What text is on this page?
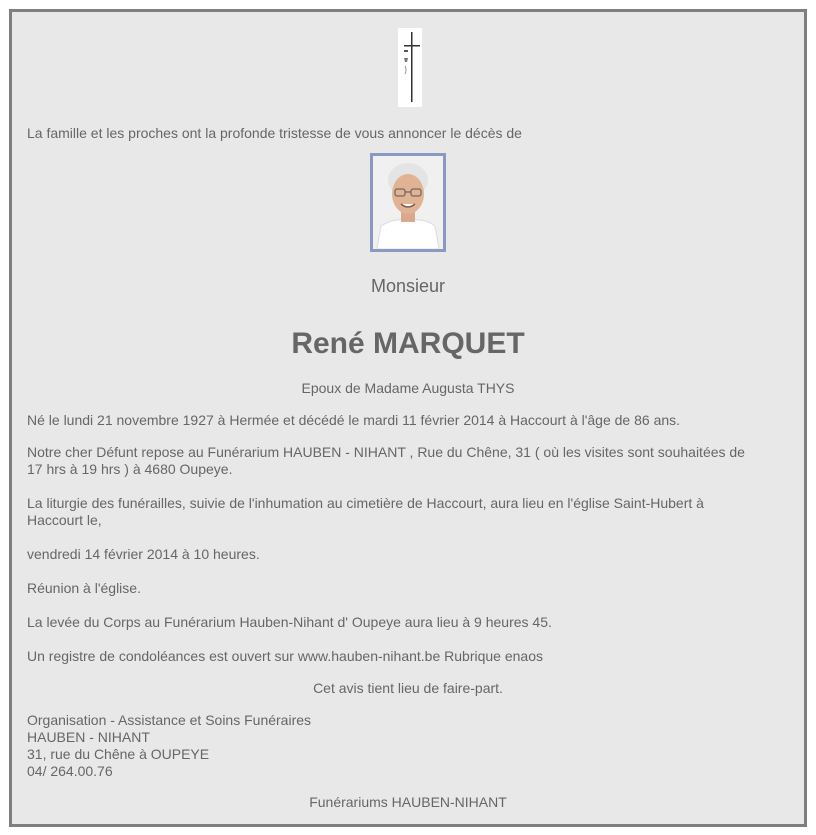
La famille et les proches ont la profonde tristesse de vous annoncer le décès de

Monsieur
René MARQUET

Epoux de Madame Augusta THYS

Né le lundi 21 novembre 1927 à Hermée et décédé le mardi 11 février 2014 à Haccourt à l'âge de 86 ans.

Notre cher Défunt repose au Funérarium HAUBEN - NIHANT , Rue du Chêne, 31 ( où les visites sont souhaitées de

17 hrs à 19 hrs ) à 4680 Oupeye.

La liturgie des funérailles, suivie de l'inhumation au cimetière de Haccourt, aura lieu en l'église Saint-Hubert à

Haccourt le,

vendredi 14 février 2014 à 10 heures.

Réunion à l'église.

La levée du Corps au Funérarium Hauben-Nihant d' Oupeye aura lieu à 9 heures 45.

Un registre de condoléances est ouvert sur www.hauben-nihant.be Rubrique enaos

Cet avis tient lieu de faire-part.

Organisation - Assistance et Soins Funéraires

HAUBEN - NIHANT

31, rue du Chêne à OUPEYE

04/ 264.00.76

Funérariums HAUBEN-NIHANT
